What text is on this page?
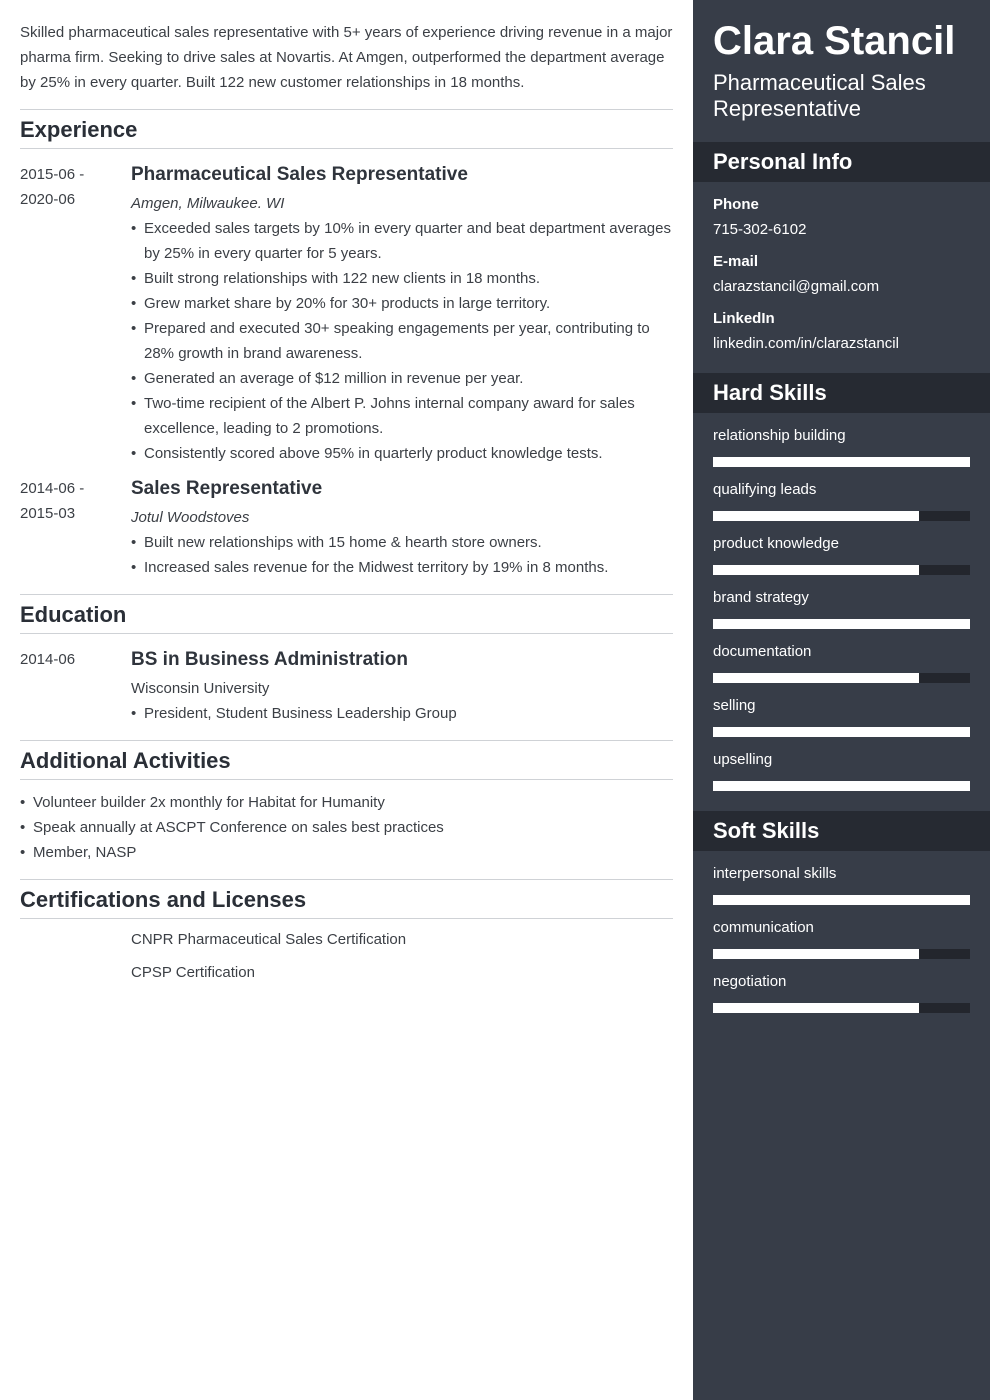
Skilled pharmaceutical sales representative with 5+ years of experience driving revenue in a major pharma firm. Seeking to drive sales at Novartis. At Amgen, outperformed the department average by 25% in every quarter. Built 122 new customer relationships in 18 months.

Experience
2015-06 -
2020-06
Pharmaceutical Sales Representative
Amgen, Milwaukee. WI
• Exceeded sales targets by 10% in every quarter and beat department averages by 25% in every quarter for 5 years.
• Built strong relationships with 122 new clients in 18 months.
• Grew market share by 20% for 30+ products in large territory.
• Prepared and executed 30+ speaking engagements per year, contributing to 28% growth in brand awareness.
• Generated an average of $12 million in revenue per year.
• Two-time recipient of the Albert P. Johns internal company award for sales excellence, leading to 2 promotions.
• Consistently scored above 95% in quarterly product knowledge tests.
2014-06 -
2015-03
Sales Representative
Jotul Woodstoves
• Built new relationships with 15 home & hearth store owners.
• Increased sales revenue for the Midwest territory by 19% in 8 months.
Education
2014-06	BS in Business Administration
Wisconsin University
• President, Student Business Leadership Group
Additional Activities
• Volunteer builder 2x monthly for Habitat for Humanity
• Speak annually at ASCPT Conference on sales best practices
• Member, NASP
Certifications and Licenses
CNPR Pharmaceutical Sales Certification
CPSP Certification
Clara Stancil
Pharmaceutical Sales Representative
Personal Info
Phone
715-302-6102
E-mail
clarazstancil@gmail.com
LinkedIn
linkedin.com/in/clarazstancil
Hard Skills
relationship building
qualifying leads
product knowledge
brand strategy
documentation
selling
upselling
Soft Skills
interpersonal skills
communication
negotiation
